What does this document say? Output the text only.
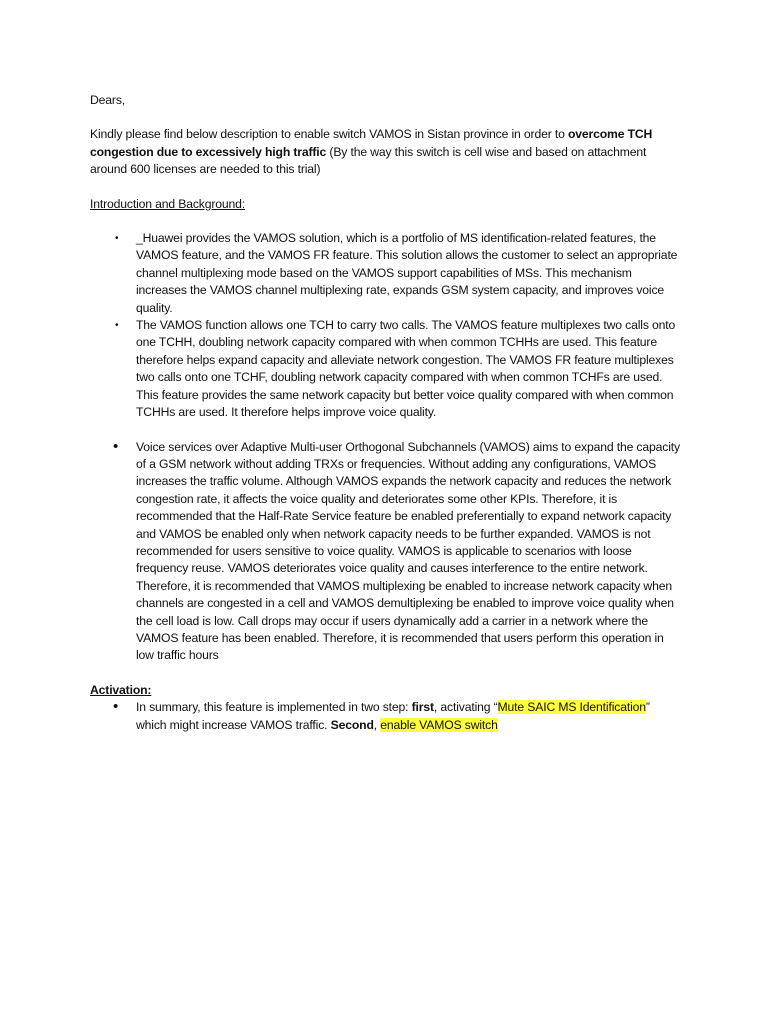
Dears,

Kindly please find below description to enable switch VAMOS in Sistan province in order to overcome TCH congestion due to excessively high traffic (By the way this switch is cell wise and based on attachment around 600 licenses are needed to this trial)

Introduction and Background:

• _Huawei provides the VAMOS solution, which is a portfolio of MS identification-related features, the VAMOS feature, and the VAMOS FR feature. This solution allows the customer to select an appropriate channel multiplexing mode based on the VAMOS support capabilities of MSs. This mechanism increases the VAMOS channel multiplexing rate, expands GSM system capacity, and improves voice quality.
• The VAMOS function allows one TCH to carry two calls. The VAMOS feature multiplexes two calls onto one TCHH, doubling network capacity compared with when common TCHHs are used. This feature therefore helps expand capacity and alleviate network congestion. The VAMOS FR feature multiplexes two calls onto one TCHF, doubling network capacity compared with when common TCHFs are used. This feature provides the same network capacity but better voice quality compared with when common TCHHs are used. It therefore helps improve voice quality.
• Voice services over Adaptive Multi-user Orthogonal Subchannels (VAMOS) aims to expand the capacity of a GSM network without adding TRXs or frequencies. Without adding any configurations, VAMOS increases the traffic volume. Although VAMOS expands the network capacity and reduces the network congestion rate, it affects the voice quality and deteriorates some other KPIs. Therefore, it is recommended that the Half-Rate Service feature be enabled preferentially to expand network capacity and VAMOS be enabled only when network capacity needs to be further expanded. VAMOS is not recommended for users sensitive to voice quality. VAMOS is applicable to scenarios with loose frequency reuse. VAMOS deteriorates voice quality and causes interference to the entire network. Therefore, it is recommended that VAMOS multiplexing be enabled to increase network capacity when channels are congested in a cell and VAMOS demultiplexing be enabled to improve voice quality when the cell load is low. Call drops may occur if users dynamically add a carrier in a network where the VAMOS feature has been enabled. Therefore, it is recommended that users perform this operation in low traffic hours

Activation:

• In summary, this feature is implemented in two step: first, activating “Mute SAIC MS Identification” which might increase VAMOS traffic. Second, enable VAMOS switch
